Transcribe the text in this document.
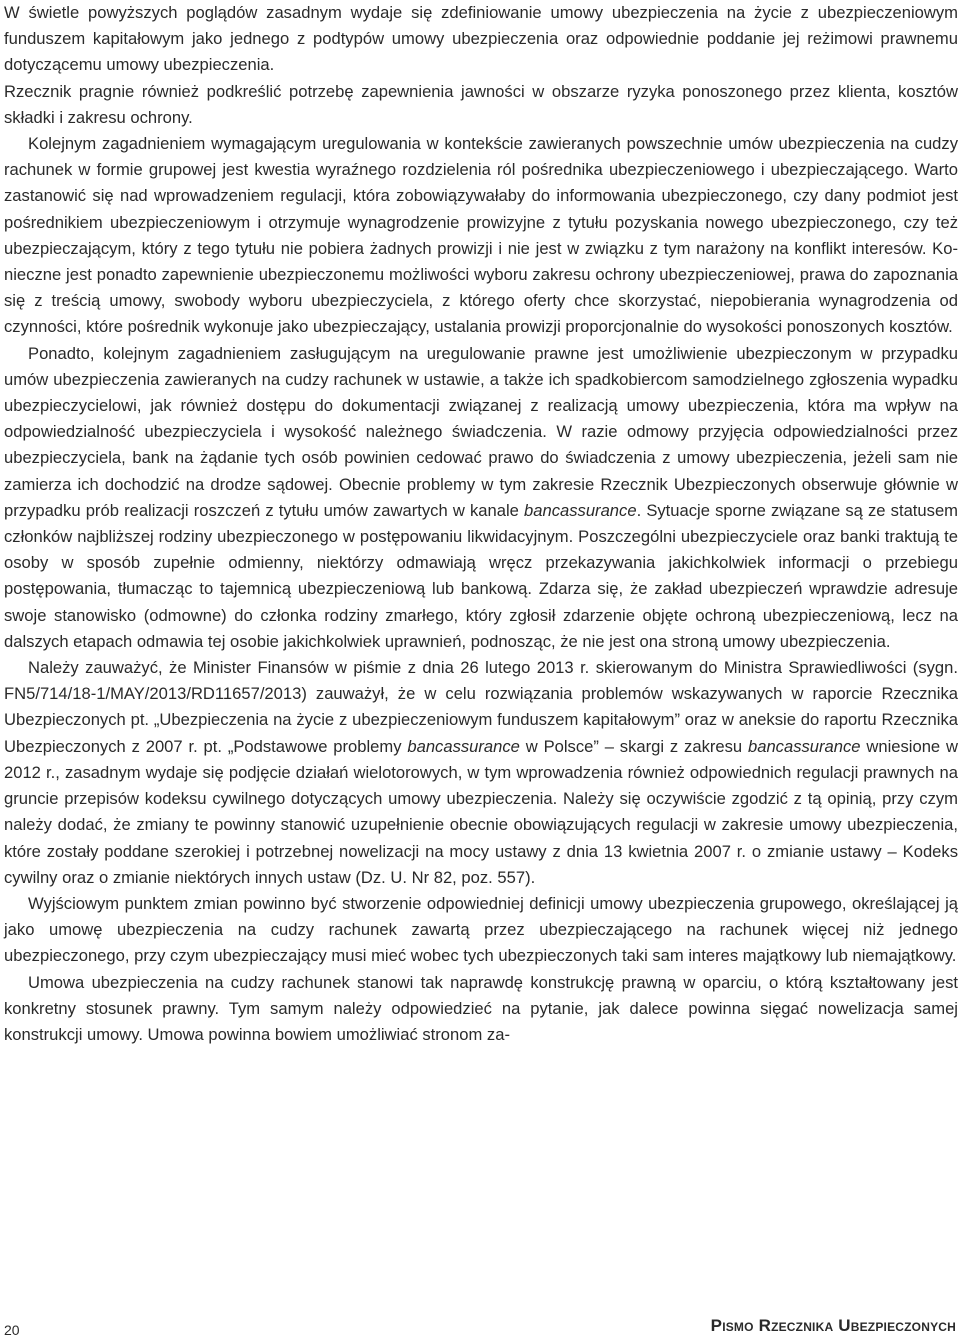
W świetle powyższych poglądów zasadnym wydaje się zdefiniowanie umowy ubezpieczenia na życie z ubezpieczeniowym funduszem kapitałowym jako jednego z podtypów umowy ubezpieczenia oraz odpowiednie poddanie jej reżimowi prawnemu dotyczącemu umowy ubezpieczenia.

Rzecznik pragnie również podkreślić potrzebę zapewnienia jawności w obszarze ryzyka ponoszonego przez klienta, kosztów składki i zakresu ochrony.

Kolejnym zagadnieniem wymagającym uregulowania w kontekście zawieranych powszechnie umów ubezpieczenia na cudzy rachunek w formie grupowej jest kwestia wyraźnego rozdzielenia ról pośrednika ubezpieczeniowego i ubezpieczającego. Warto zastanowić się nad wprowadzeniem regulacji, która zobowiązywałaby do informowania ubezpieczonego, czy dany podmiot jest pośrednikiem ubezpieczeniowym i otrzymuje wynagrodzenie prowizyjne z tytułu pozyskania nowego ubezpieczonego, czy też ubezpieczającym, który z tego tytułu nie pobiera żadnych prowizji i nie jest w związku z tym narażony na konflikt interesów. Konieczne jest ponadto zapewnienie ubezpieczonemu możliwości wyboru zakresu ochrony ubezpieczeniowej, prawa do zapoznania się z treścią umowy, swobody wyboru ubezpieczyciela, z którego oferty chce skorzystać, niepobierania wynagrodzenia od czynności, które pośrednik wykonuje jako ubezpieczający, ustalania prowizji proporcjonalnie do wysokości ponoszonych kosztów.

Ponadto, kolejnym zagadnieniem zasługującym na uregulowanie prawne jest umożliwienie ubezpieczonym w przypadku umów ubezpieczenia zawieranych na cudzy rachunek w ustawie, a także ich spadkobiercom samodzielnego zgłoszenia wypadku ubezpieczycielowi, jak również dostępu do dokumentacji związanej z realizacją umowy ubezpieczenia, która ma wpływ na odpowiedzialność ubezpieczyciela i wysokość należnego świadczenia. W razie odmowy przyjęcia odpowiedzialności przez ubezpieczyciela, bank na żądanie tych osób powinien cedować prawo do świadczenia z umowy ubezpieczenia, jeżeli sam nie zamierza ich dochodzić na drodze sądowej. Obecnie problemy w tym zakresie Rzecznik Ubezpieczonych obserwuje głównie w przypadku prób realizacji roszczeń z tytułu umów zawartych w kanale bancassurance. Sytuacje sporne związane są ze statusem członków najbliższej rodziny ubezpieczonego w postępowaniu likwidacyjnym. Poszczególni ubezpieczyciele oraz banki traktują te osoby w sposób zupełnie odmienny, niektórzy odmawiają wręcz przekazywania jakichkolwiek informacji o przebiegu postępowania, tłumacząc to tajemnicą ubezpieczeniową lub bankową. Zdarza się, że zakład ubezpieczeń wprawdzie adresuje swoje stanowisko (odmowne) do członka rodziny zmarłego, który zgłosił zdarzenie objęte ochroną ubezpieczeniową, lecz na dalszych etapach odmawia tej osobie jakichkolwiek uprawnień, podnosząc, że nie jest ona stroną umowy ubezpieczenia.

Należy zauważyć, że Minister Finansów w piśmie z dnia 26 lutego 2013 r. skierowanym do Ministra Sprawiedliwości (sygn. FN5/714/18-1/MAY/2013/RD11657/2013) zauważył, że w celu rozwiązania problemów wskazywanych w raporcie Rzecznika Ubezpieczonych pt. „Ubezpieczenia na życie z ubezpieczeniowym funduszem kapitałowym” oraz w aneksie do raportu Rzecznika Ubezpieczonych z 2007 r. pt. „Podstawowe problemy bancassurance w Polsce” – skargi z zakresu bancassurance wniesione w 2012 r., zasadnym wydaje się podjęcie działań wielotorowych, w tym wprowadzenia również odpowiednich regulacji prawnych na gruncie przepisów kodeksu cywilnego dotyczących umowy ubezpieczenia. Należy się oczywiście zgodzić z tą opinią, przy czym należy dodać, że zmiany te powinny stanowić uzupełnienie obecnie obowiązujących regulacji w zakresie umowy ubezpieczenia, które zostały poddane szerokiej i potrzebnej nowelizacji na mocy ustawy z dnia 13 kwietnia 2007 r. o zmianie ustawy – Kodeks cywilny oraz o zmianie niektórych innych ustaw (Dz. U. Nr 82, poz. 557).

Wyjściowym punktem zmian powinno być stworzenie odpowiedniej definicji umowy ubezpieczenia grupowego, określającej ją jako umowę ubezpieczenia na cudzy rachunek zawartą przez ubezpieczającego na rachunek więcej niż jednego ubezpieczonego, przy czym ubezpieczający musi mieć wobec tych ubezpieczonych taki sam interes majątkowy lub niemajątkowy.

Umowa ubezpieczenia na cudzy rachunek stanowi tak naprawdę konstrukcję prawną w oparciu, o którą kształtowany jest konkretny stosunek prawny. Tym samym należy odpowiedzieć na pytanie, jak dalece powinna sięgać nowelizacja samej konstrukcji umowy. Umowa powinna bowiem umożliwiać stronom za-

20	Pismo Rzecznika Ubezpieczonych
